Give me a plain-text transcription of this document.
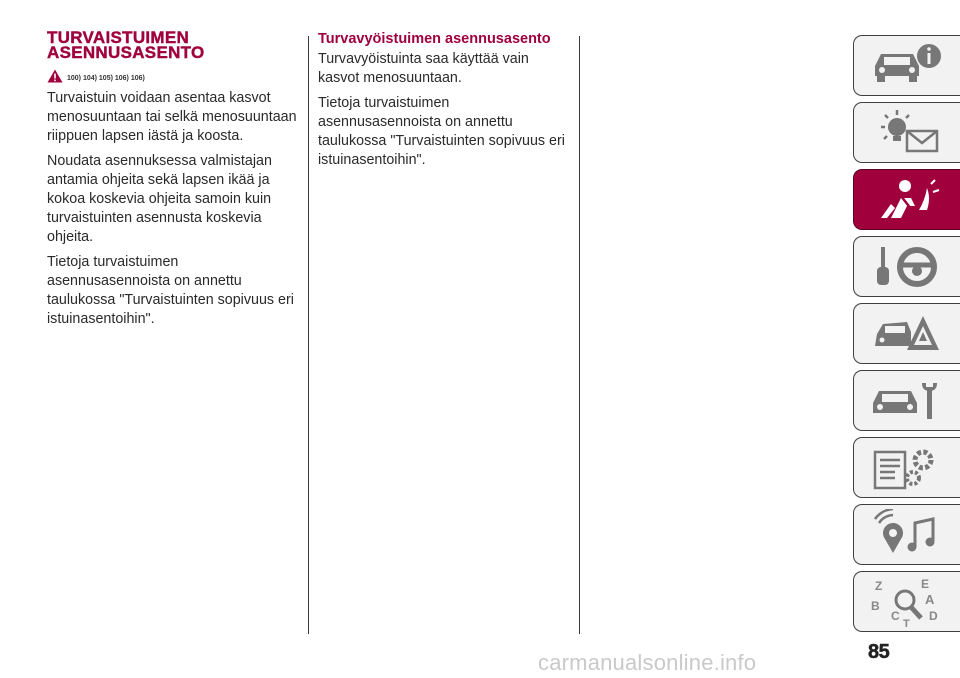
TURVAISTUIMEN
ASENNUSASENTO
100) 104) 105) 106) 106)

Turvaistuin voidaan asentaa kasvot menosuuntaan tai selkä menosuuntaan riippuen lapsen iästä ja koosta.

Noudata asennuksessa valmistajan antamia ohjeita sekä lapsen ikää ja kokoa koskevia ohjeita samoin kuin turvaistuinten asennusta koskevia ohjeita.

Tietoja turvaistuimen asennusasennoista on annettu taulukossa "Turvaistuinten sopivuus eri istuinasentoihin".

Turvavyöistuimen asennusasento

Turvavyöistuinta saa käyttää vain kasvot menosuuntaan.

Tietoja turvaistuimen asennusasennoista on annettu taulukossa "Turvaistuinten sopivuus eri istuinasentoihin".

Z	E
A
B
C D
T
85
carmanualsonline.info
